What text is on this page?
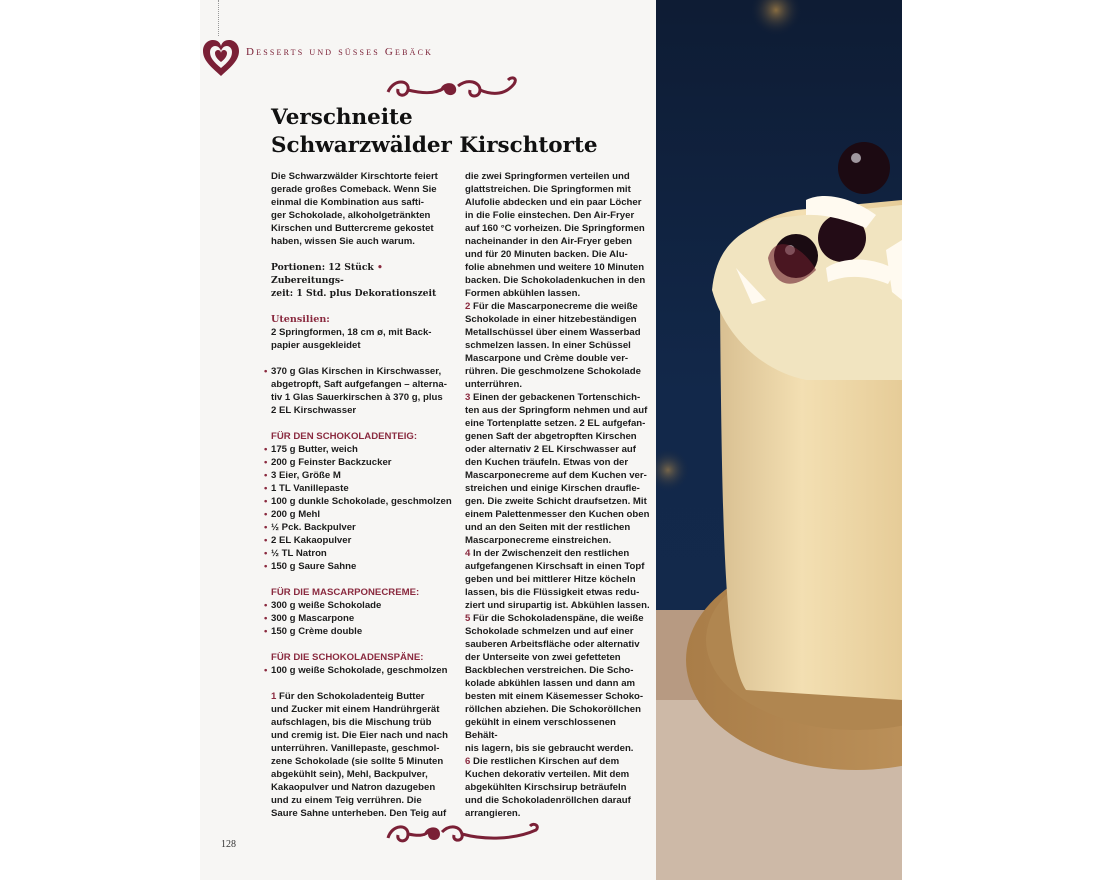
Desserts und süsses Gebäck
Verschneite
Schwarzwälder Kirschtorte

Die Schwarzwälder Kirschtorte feiert

gerade großes Comeback. Wenn Sie

einmal die Kombination aus safti-

ger Schokolade, alkoholgetränkten

Kirschen und Buttercreme gekostet

haben, wissen Sie auch warum.

Portionen: 12 Stück • Zubereitungs-

zeit: 1 Std. plus Dekorationszeit

Utensilien:

2 Springformen, 18 cm ø, mit Back-

papier ausgekleidet

• 370 g Glas Kirschen in Kirschwasser,
abgetropft, Saft aufgefangen – alterna-
tiv 1 Glas Sauerkirschen à 370 g, plus
2 EL Kirschwasser

FÜR DEN SCHOKOLADENTEIG:

• 175 g Butter, weich
• 200 g Feinster Backzucker
• 3 Eier, Größe M
• 1 TL Vanillepaste
• 100 g dunkle Schokolade, geschmolzen
• 200 g Mehl
• ½ Pck. Backpulver
• 2 EL Kakaopulver
• ½ TL Natron
• 150 g Saure Sahne

FÜR DIE MASCARPONECREME:

• 300 g weiße Schokolade
• 300 g Mascarpone
• 150 g Crème double

FÜR DIE SCHOKOLADENSPÄNE:

• 100 g weiße Schokolade, geschmolzen

1 Für den Schokoladenteig Butter

und Zucker mit einem Handrührgerät

aufschlagen, bis die Mischung trüb

und cremig ist. Die Eier nach und nach

unterrühren. Vanillepaste, geschmol-

zene Schokolade (sie sollte 5 Minuten

abgekühlt sein), Mehl, Backpulver,

Kakaopulver und Natron dazugeben

und zu einem Teig verrühren. Die

Saure Sahne unterheben. Den Teig auf

die zwei Springformen verteilen und

glattstreichen. Die Springformen mit

Alufolie abdecken und ein paar Löcher

in die Folie einstechen. Den Air-Fryer

auf 160 °C vorheizen. Die Springformen

nacheinander in den Air-Fryer geben

und für 20 Minuten backen. Die Alu-

folie abnehmen und weitere 10 Minuten

backen. Die Schokoladenkuchen in den

Formen abkühlen lassen.

2 Für die Mascarponecreme die weiße

Schokolade in einer hitzebeständigen

Metallschüssel über einem Wasserbad

schmelzen lassen. In einer Schüssel

Mascarpone und Crème double ver-

rühren. Die geschmolzene Schokolade

unterrühren.

3 Einen der gebackenen Tortenschich-

ten aus der Springform nehmen und auf

eine Tortenplatte setzen. 2 EL aufgefan-

genen Saft der abgetropften Kirschen

oder alternativ 2 EL Kirschwasser auf

den Kuchen träufeln. Etwas von der

Mascarponecreme auf dem Kuchen ver-

streichen und einige Kirschen draufle-

gen. Die zweite Schicht draufsetzen. Mit

einem Palettenmesser den Kuchen oben

und an den Seiten mit der restlichen

Mascarponecreme einstreichen.

4 In der Zwischenzeit den restlichen

aufgefangenen Kirschsaft in einen Topf

geben und bei mittlerer Hitze köcheln

lassen, bis die Flüssigkeit etwas redu-

ziert und sirupartig ist. Abkühlen lassen.

5 Für die Schokoladenspäne, die weiße

Schokolade schmelzen und auf einer

sauberen Arbeitsfläche oder alternativ

der Unterseite von zwei gefetteten

Backblechen verstreichen. Die Scho-

kolade abkühlen lassen und dann am

besten mit einem Käsemesser Schoko-

röllchen abziehen. Die Schokoröllchen

gekühlt in einem verschlossenen Behält-

nis lagern, bis sie gebraucht werden.

6 Die restlichen Kirschen auf dem

Kuchen dekorativ verteilen. Mit dem

abgekühlten Kirschsirup beträufeln

und die Schokoladenröllchen darauf

arrangieren.

128
